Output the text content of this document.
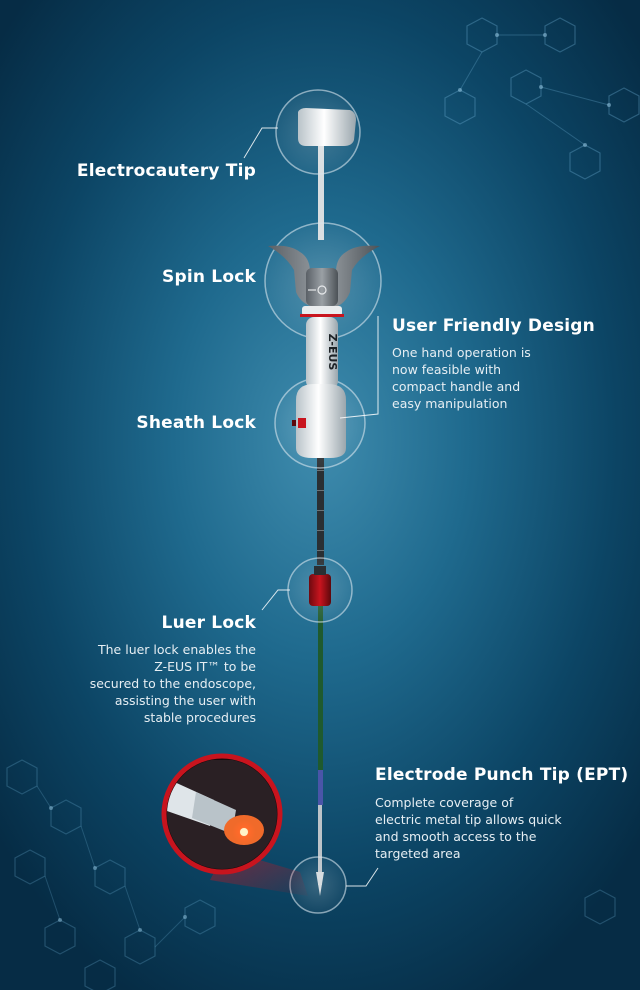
Z-EUS
Electrocautery Tip
Spin Lock
Sheath Lock
User Friendly Design
One hand operation is
now feasible with
compact handle and
easy manipulation
Luer Lock
The luer lock enables the
Z-EUS IT™ to be
secured to the endoscope,
assisting the user with
stable procedures
Electrode Punch Tip (EPT)
Complete coverage of
electric metal tip allows quick
and smooth access to the
targeted area
